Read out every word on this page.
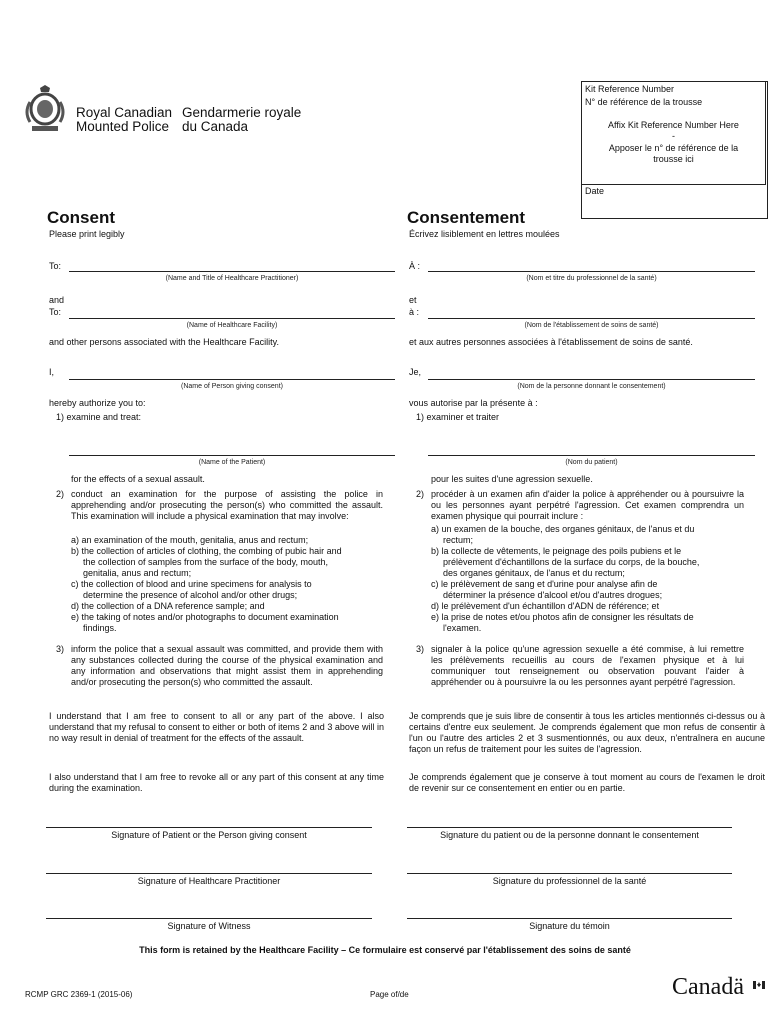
Royal Canadian
Mounted Police
Gendarmerie royale
du Canada
Kit Reference Number
N° de référence de la trousse
Affix Kit Reference Number Here
-
Apposer le n° de référence de la
trousse ici
Date
Consent	Consentement
Please print legibly	Écrivez lisiblement en lettres moulées
To:
(Name and Title of Healthcare Practitioner)
À :
(Nom et titre du professionnel de la santé)
and
To:
(Name of Healthcare Facility)
et
à :
(Nom de l'établissement de soins de santé)
and other persons associated with the Healthcare Facility.	et aux autres personnes associées à l'établissement de soins de santé.
I,
(Name of Person giving consent)
Je,
(Nom de la personne donnant le consentement)
hereby authorize you to:	vous autorise par la présente à :
1) examine and treat:	1) examiner et traiter
(Name of the Patient)	(Nom du patient)
for the effects of a sexual assault.	pour les suites d'une agression sexuelle.
2) conduct an examination for the purpose of assisting the police in apprehending and/or prosecuting the person(s) who committed the assault. This examination will include a physical examination that may involve:
a) an examination of the mouth, genitalia, anus and rectum;
b) the collection of articles of clothing, the combing of pubic hair and
the collection of samples from the surface of the body, mouth,
genitalia, anus and rectum;
c) the collection of blood and urine specimens for analysis to
determine the presence of alcohol and/or other drugs;
d) the collection of a DNA reference sample; and
e) the taking of notes and/or photographs to document examination
findings.
2) procéder à un examen afin d'aider la police à appréhender ou à poursuivre la ou les personnes ayant perpétré l'agression. Cet examen comprendra un examen physique qui pourrait inclure :
a) un examen de la bouche, des organes génitaux, de l'anus et du
rectum;
b) la collecte de vêtements, le peignage des poils pubiens et le
prélèvement d'échantillons de la surface du corps, de la bouche,
des organes génitaux, de l'anus et du rectum;
c) le prélèvement de sang et d'urine pour analyse afin de
déterminer la présence d'alcool et/ou d'autres drogues;
d) le prélèvement d'un échantillon d'ADN de référence; et
e) la prise de notes et/ou photos afin de consigner les résultats de
l'examen.
3) inform the police that a sexual assault was committed, and provide them with any substances collected during the course of the physical examination and any information and observations that might assist them in apprehending and/or prosecuting the person(s) who committed the assault.
3) signaler à la police qu'une agression sexuelle a été commise, à lui remettre les prélèvements recueillis au cours de l'examen physique et à lui communiquer tout renseignement ou observation pouvant l'aider à appréhender ou à poursuivre la ou les personnes ayant perpétré l'agression.
I understand that I am free to consent to all or any part of the above. I also understand that my refusal to consent to either or both of items 2 and 3 above will in no way result in denial of treatment for the effects of the assault.
I also understand that I am free to revoke all or any part of this consent at any time during the examination.
Je comprends que je suis libre de consentir à tous les articles mentionnés ci-dessus ou à certains d'entre eux seulement. Je comprends également que mon refus de consentir à l'un ou l'autre des articles 2 et 3 susmentionnés, ou aux deux, n'entraînera en aucune façon un refus de traitement pour les suites de l'agression.
Je comprends également que je conserve à tout moment au cours de l'examen le droit de revenir sur ce consentement en entier ou en partie.
Signature of Patient or the Person giving consent	Signature du patient ou de la personne donnant le consentement
Signature of Healthcare Practitioner	Signature du professionnel de la santé
Signature of Witness	Signature du témoin
This form is retained by the Healthcare Facility – Ce formulaire est conservé par l'établissement des soins de santé
RCMP GRC 2369-1 (2015-06)	Page of/de	Canadä
